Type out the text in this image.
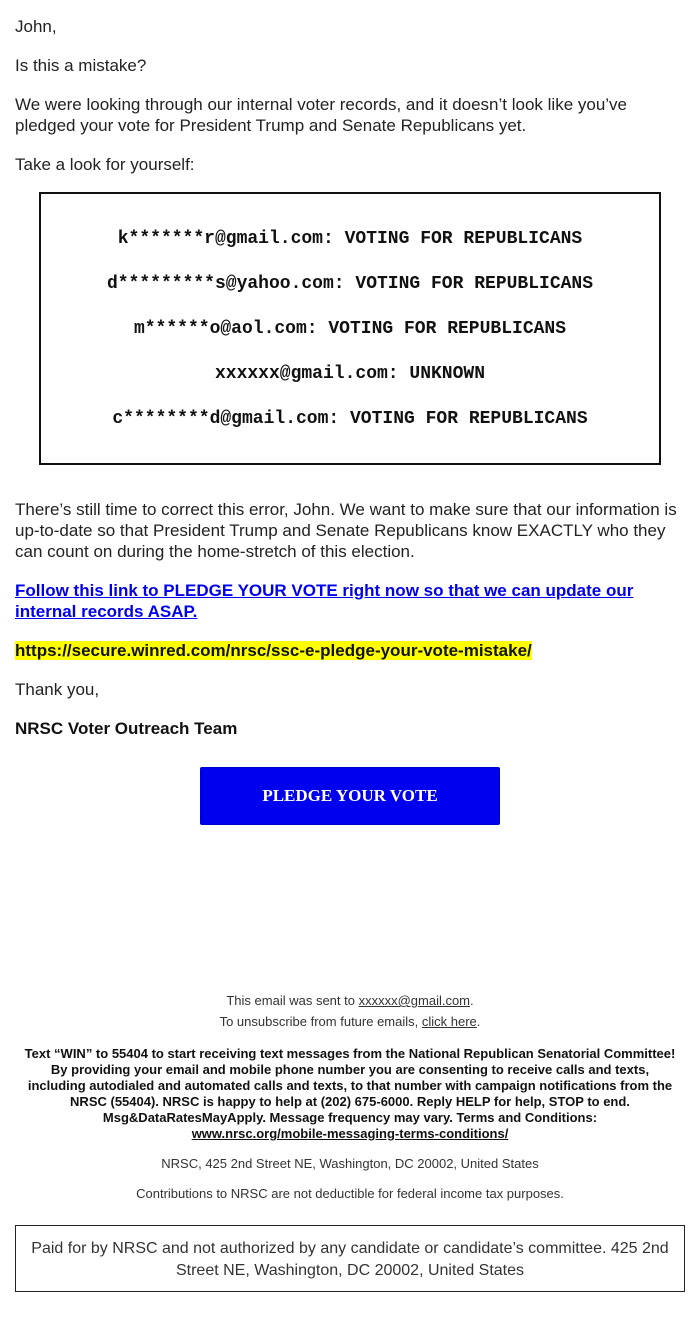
John,

Is this a mistake?

We were looking through our internal voter records, and it doesn’t look like you’ve pledged your vote for President Trump and Senate Republicans yet.

Take a look for yourself:

k*******r@gmail.com: VOTING FOR REPUBLICANS
d*********s@yahoo.com: VOTING FOR REPUBLICANS
m******o@aol.com: VOTING FOR REPUBLICANS
xxxxxx@gmail.com: UNKNOWN
c********d@gmail.com: VOTING FOR REPUBLICANS

There’s still time to correct this error, John. We want to make sure that our information is up-to-date so that President Trump and Senate Republicans know EXACTLY who they can count on during the home-stretch of this election.

Follow this link to PLEDGE YOUR VOTE right now so that we can update our internal records ASAP.

https://secure.winred.com/nrsc/ssc-e-pledge-your-vote-mistake/

Thank you,

NRSC Voter Outreach Team

PLEDGE YOUR VOTE
This email was sent to xxxxxx@gmail.com.
To unsubscribe from future emails, click here.
Text “WIN” to 55404 to start receiving text messages from the National Republican Senatorial Committee! By providing your email and mobile phone number you are consenting to receive calls and texts, including autodialed and automated calls and texts, to that number with campaign notifications from the NRSC (55404). NRSC is happy to help at (202) 675-6000. Reply HELP for help, STOP to end. Msg&DataRatesMayApply. Message frequency may vary. Terms and Conditions:
www.nrsc.org/mobile-messaging-terms-conditions/
NRSC, 425 2nd Street NE, Washington, DC 20002, United States
Contributions to NRSC are not deductible for federal income tax purposes.
Paid for by NRSC and not authorized by any candidate or candidate’s committee. 425 2nd Street NE, Washington, DC 20002, United States
